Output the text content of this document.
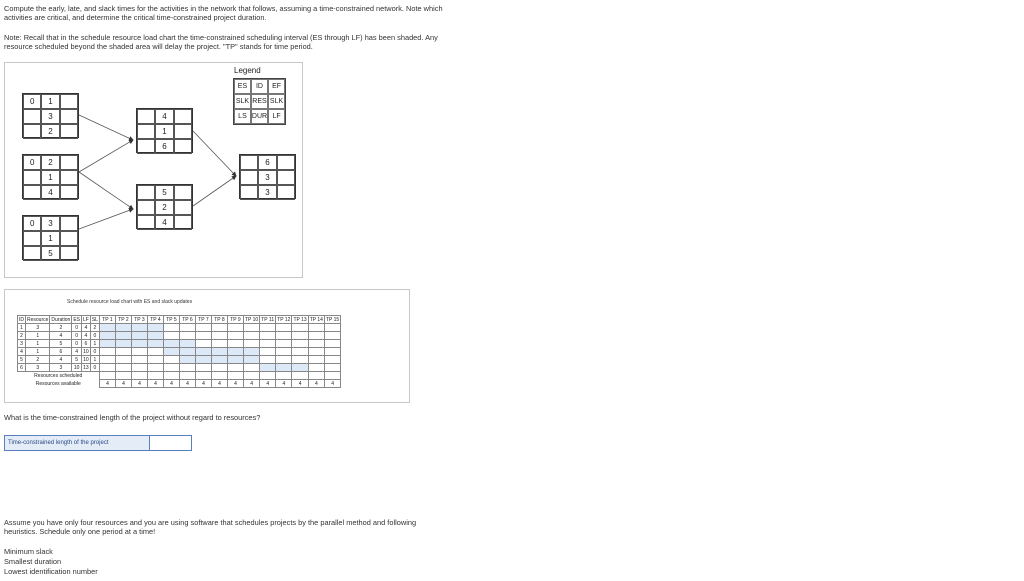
Compute the early, late, and slack times for the activities in the network that follows, assuming a time-constrained network. Note which
activities are critical, and determine the critical time-constrained project duration.
Note: Recall that in the schedule resource load chart the time-constrained scheduling interval (ES through LF) has been shaded. Any
resource scheduled beyond the shaded area will delay the project. "TP" stands for time period.
Legend
ES	ID	EF
SLK RES SLK
LS DUR LF
0	1
3
2
0	2
1
4
0	3
1
5
4
1
6
5
2
4
6
3
3
Schedule resource load chart with ES and slack updates
ID	Resource	Duration	ES	LF	SL	TP 1	TP 2	TP 3	TP 4	TP 5	TP 6	TP 7	TP 8	TP 9	TP 10	TP 11	TP 12	TP 13	TP 14	TP 15
1	3	2	0	4	2															
2	1	4	0	4	0															
3	1	5	0	6	1															
4	1	6	4	10	0															
5	2	4	5	10	1															
6	3	3	10	13	0															
Resources scheduled																				
Resources available						4	4	4	4	4	4	4	4	4	4	4	4	4	4	4
What is the time-constrained length of the project without regard to resources?
Time-constrained length of the project
Assume you have only four resources and you are using software that schedules projects by the parallel method and following
heuristics. Schedule only one period at a time!
Minimum slack
Smallest duration
Lowest identification number
